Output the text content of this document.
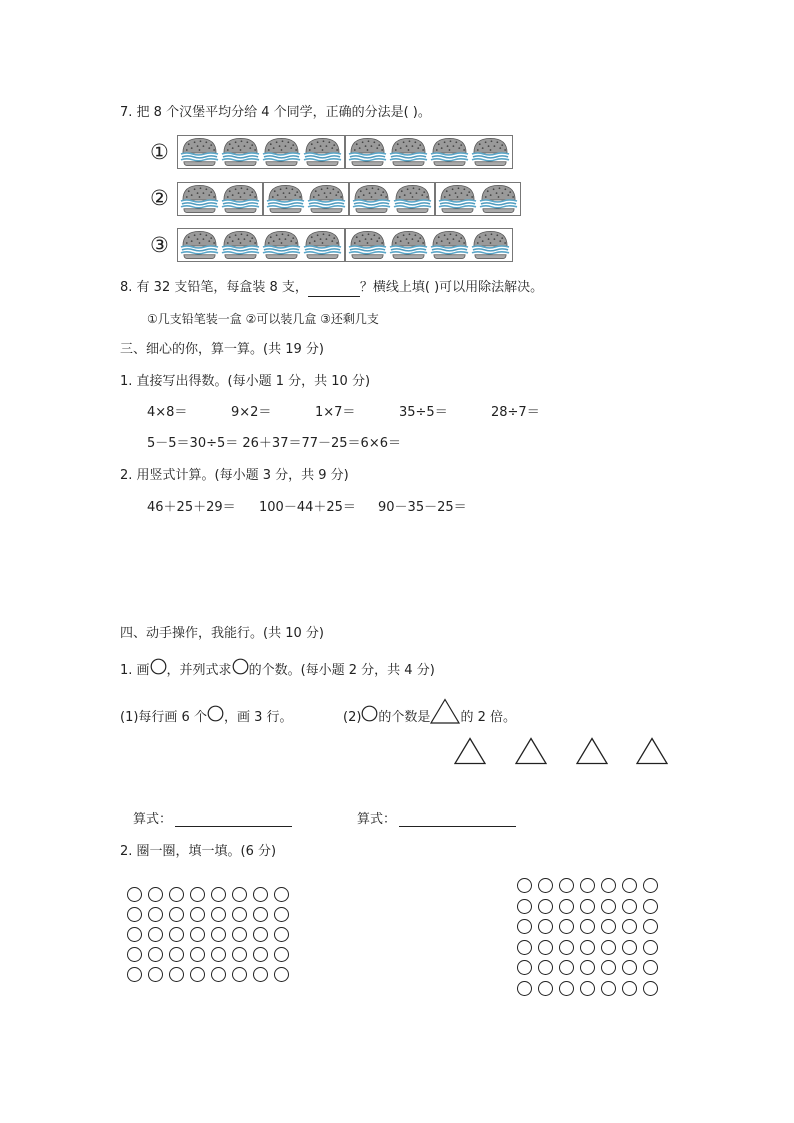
7. 把 8 个汉堡平均分给 4 个同学，正确的分法是( )。
①
②
③
8. 有 32 支铅笔，每盒装 8 支，	？横线上填( )可以用除法解决。
①几支铅笔装一盒 ②可以装几盒 ③还剩几支
三、细心的你，算一算。(共 19 分)
1. 直接写出得数。(每小题 1 分，共 10 分)
4×8＝	9×2＝	1×7＝	35÷5＝	28÷7＝
5－5＝30÷5＝ 26＋37＝77－25＝6×6＝
2. 用竖式计算。(每小题 3 分，共 9 分)
46＋25＋29＝ 100－44＋25＝ 90－35－25＝
四、动手操作，我能行。(共 10 分)
1. 画 ，并列式求 的个数。(每小题 2 分，共 4 分)
(1)每行画 6 个 ，画 3 行。	(2) 的个数是 的 2 倍。
算式：	算式：
2. 圈一圈，填一填。(6 分)
